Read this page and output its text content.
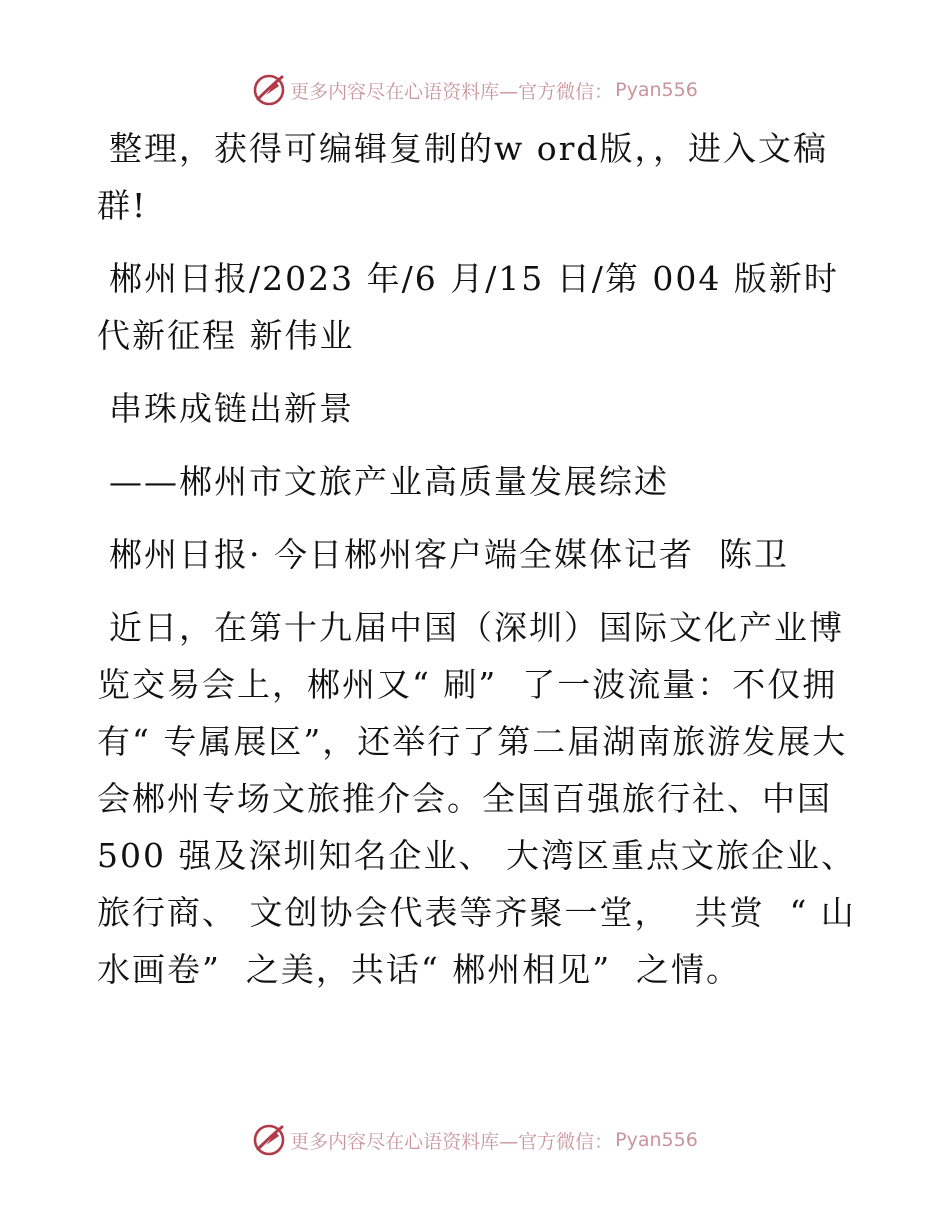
更多内容尽在心语资料库—官方微信： Pyan556

整理，获得可编辑复制的w ord版，，进入文稿群!

郴州日报/2023 年/6 月/15 日/第 004 版新时代新征程 新伟业

串珠成链出新景

——郴州市文旅产业高质量发展综述

郴州日报· 今日郴州客户端全媒体记者  陈卫

近日，在第十九届中国（深圳）国际文化产业博览交易会上，郴州又“ 刷”  了一波流量：不仅拥有“ 专属展区”，还举行了第二届湖南旅游发展大会郴州专场文旅推介会。全国百强旅行社、中国500 强及深圳知名企业、 大湾区重点文旅企业、旅行商、 文创协会代表等齐聚一堂，  共赏  “ 山水画卷”  之美，共话“ 郴州相见”  之情。

更多内容尽在心语资料库—官方微信： Pyan556
